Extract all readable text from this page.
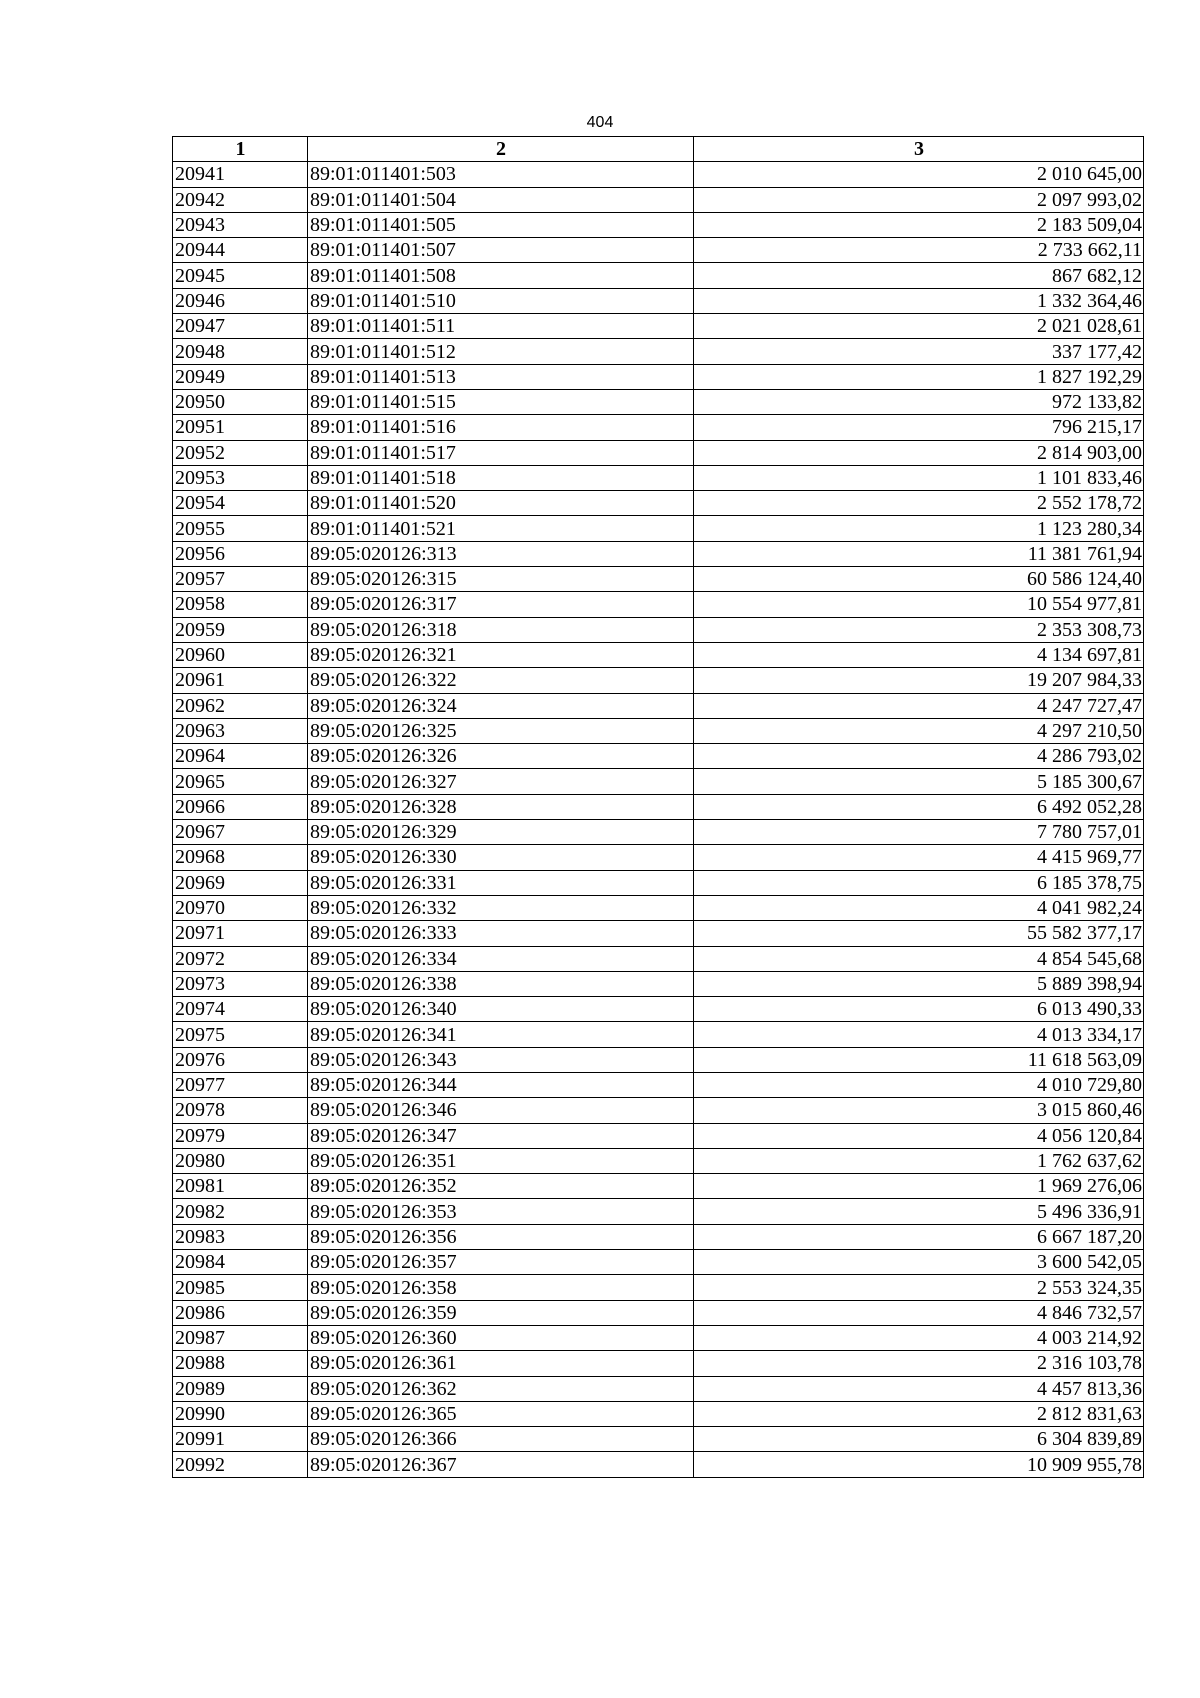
404
1	2	3
20941	89:01:011401:503	2 010 645,00
20942	89:01:011401:504	2 097 993,02
20943	89:01:011401:505	2 183 509,04
20944	89:01:011401:507	2 733 662,11
20945	89:01:011401:508	867 682,12
20946	89:01:011401:510	1 332 364,46
20947	89:01:011401:511	2 021 028,61
20948	89:01:011401:512	337 177,42
20949	89:01:011401:513	1 827 192,29
20950	89:01:011401:515	972 133,82
20951	89:01:011401:516	796 215,17
20952	89:01:011401:517	2 814 903,00
20953	89:01:011401:518	1 101 833,46
20954	89:01:011401:520	2 552 178,72
20955	89:01:011401:521	1 123 280,34
20956	89:05:020126:313	11 381 761,94
20957	89:05:020126:315	60 586 124,40
20958	89:05:020126:317	10 554 977,81
20959	89:05:020126:318	2 353 308,73
20960	89:05:020126:321	4 134 697,81
20961	89:05:020126:322	19 207 984,33
20962	89:05:020126:324	4 247 727,47
20963	89:05:020126:325	4 297 210,50
20964	89:05:020126:326	4 286 793,02
20965	89:05:020126:327	5 185 300,67
20966	89:05:020126:328	6 492 052,28
20967	89:05:020126:329	7 780 757,01
20968	89:05:020126:330	4 415 969,77
20969	89:05:020126:331	6 185 378,75
20970	89:05:020126:332	4 041 982,24
20971	89:05:020126:333	55 582 377,17
20972	89:05:020126:334	4 854 545,68
20973	89:05:020126:338	5 889 398,94
20974	89:05:020126:340	6 013 490,33
20975	89:05:020126:341	4 013 334,17
20976	89:05:020126:343	11 618 563,09
20977	89:05:020126:344	4 010 729,80
20978	89:05:020126:346	3 015 860,46
20979	89:05:020126:347	4 056 120,84
20980	89:05:020126:351	1 762 637,62
20981	89:05:020126:352	1 969 276,06
20982	89:05:020126:353	5 496 336,91
20983	89:05:020126:356	6 667 187,20
20984	89:05:020126:357	3 600 542,05
20985	89:05:020126:358	2 553 324,35
20986	89:05:020126:359	4 846 732,57
20987	89:05:020126:360	4 003 214,92
20988	89:05:020126:361	2 316 103,78
20989	89:05:020126:362	4 457 813,36
20990	89:05:020126:365	2 812 831,63
20991	89:05:020126:366	6 304 839,89
20992	89:05:020126:367	10 909 955,78
